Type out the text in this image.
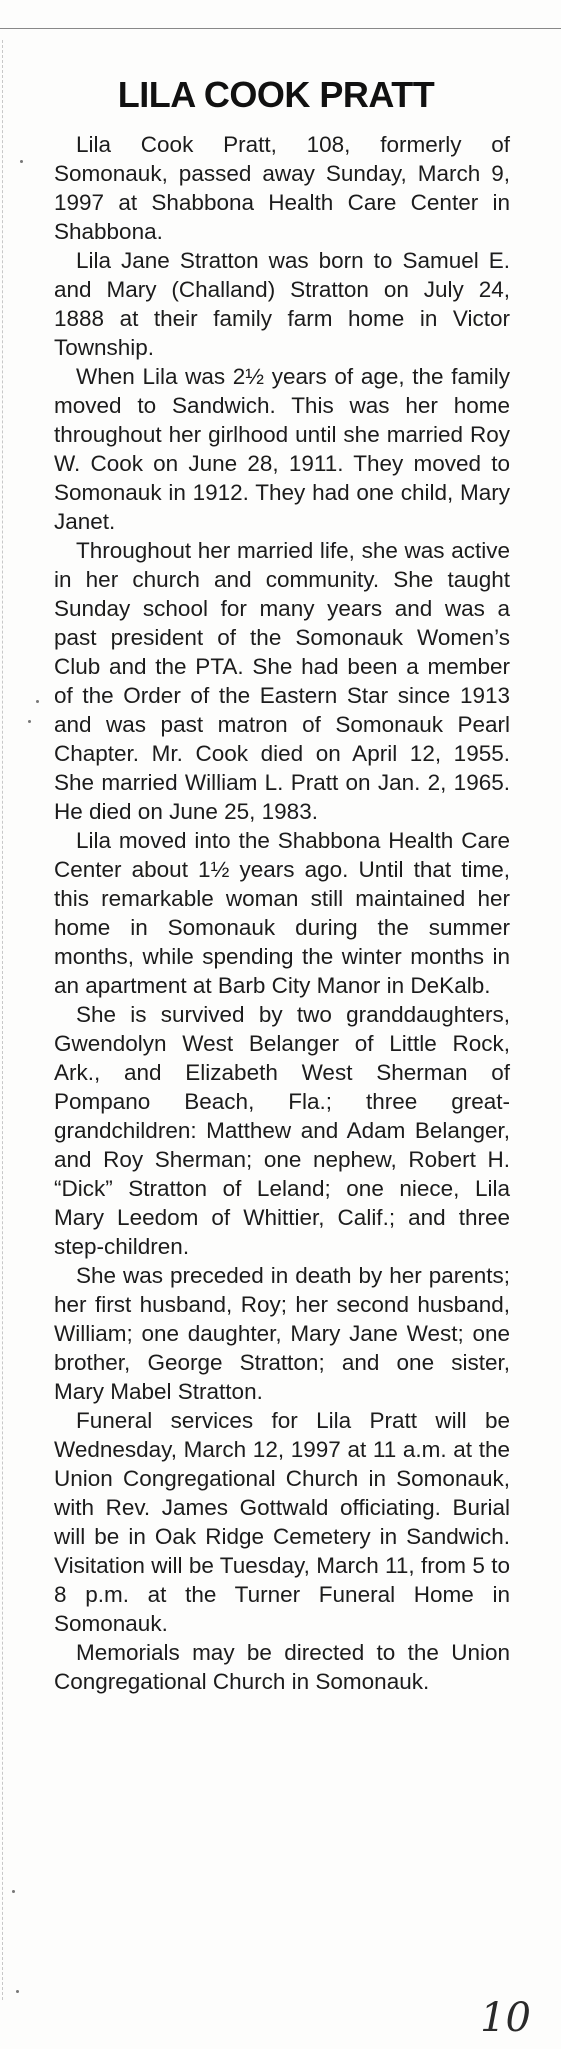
LILA COOK PRATT

Lila Cook Pratt, 108, formerly of Somonauk, passed away Sunday, March 9, 1997 at Shabbona Health Care Center in Shabbona.

Lila Jane Stratton was born to Samuel E. and Mary (Challand) Stratton on July 24, 1888 at their family farm home in Victor Township.

When Lila was 2½ years of age, the family moved to Sandwich. This was her home throughout her girlhood until she married Roy W. Cook on June 28, 1911. They moved to Somonauk in 1912. They had one child, Mary Janet.

Throughout her married life, she was active in her church and community. She taught Sunday school for many years and was a past president of the Somonauk Women’s Club and the PTA. She had been a member of the Order of the Eastern Star since 1913 and was past matron of Somonauk Pearl Chapter. Mr. Cook died on April 12, 1955. She married William L. Pratt on Jan. 2, 1965. He died on June 25, 1983.

Lila moved into the Shabbona Health Care Center about 1½ years ago. Until that time, this remarkable woman still maintained her home in Somonauk during the summer months, while spending the winter months in an apartment at Barb City Manor in DeKalb.

She is survived by two granddaughters, Gwendolyn West Belanger of Little Rock, Ark., and Elizabeth West Sherman of Pompano Beach, Fla.; three great-grandchildren: Matthew and Adam Belanger, and Roy Sherman; one nephew, Robert H. “Dick” Stratton of Leland; one niece, Lila Mary Leedom of Whittier, Calif.; and three step-children.

She was preceded in death by her parents; her first husband, Roy; her second husband, William; one daughter, Mary Jane West; one brother, George Stratton; and one sister, Mary Mabel Stratton.

Funeral services for Lila Pratt will be Wednesday, March 12, 1997 at 11 a.m. at the Union Congregational Church in Somonauk, with Rev. James Gottwald officiating. Burial will be in Oak Ridge Cemetery in Sandwich. Visitation will be Tuesday, March 11, from 5 to 8 p.m. at the Turner Funeral Home in Somonauk.

Memorials may be directed to the Union Congregational Church in Somonauk.

10
